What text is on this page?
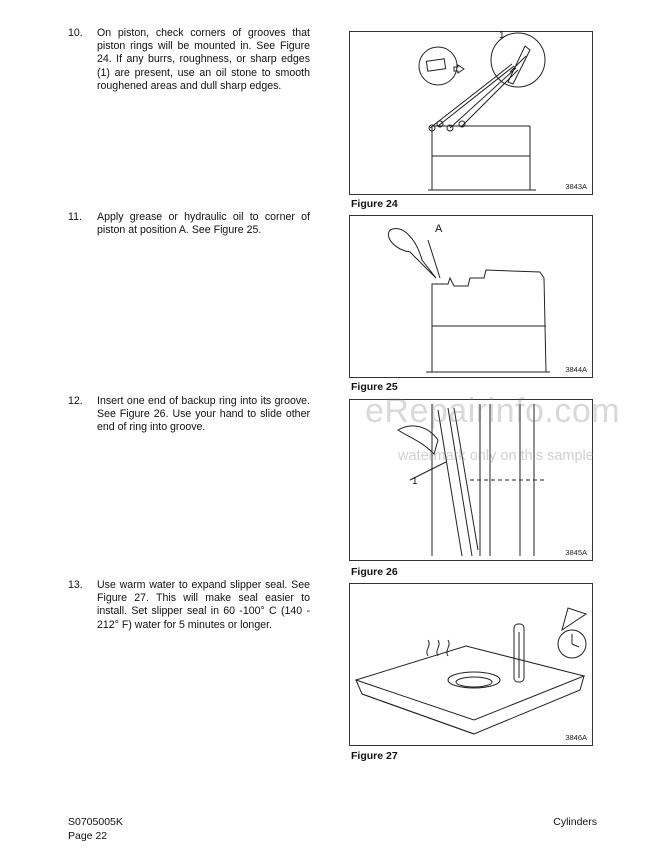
10. On piston, check corners of grooves that piston rings will be mounted in. See Figure 24. If any burrs, roughness, or sharp edges (1) are present, use an oil stone to smooth roughened areas and dull sharp edges.
11. Apply grease or hydraulic oil to corner of piston at position A. See Figure 25.
12. Insert one end of backup ring into its groove. See Figure 26. Use your hand to slide other end of ring into groove.
13. Use warm water to expand slipper seal. See Figure 27. This will make seal easier to install. Set slipper seal in 60 -100° C (140 - 212° F) water for 5 minutes or longer.
1
3843A
Figure 24
A
3844A
Figure 25
1
3845A
Figure 26
3846A
Figure 27
eRepairinfo.com
watermark only on this sample
S0705005K
Page 22
Cylinders
